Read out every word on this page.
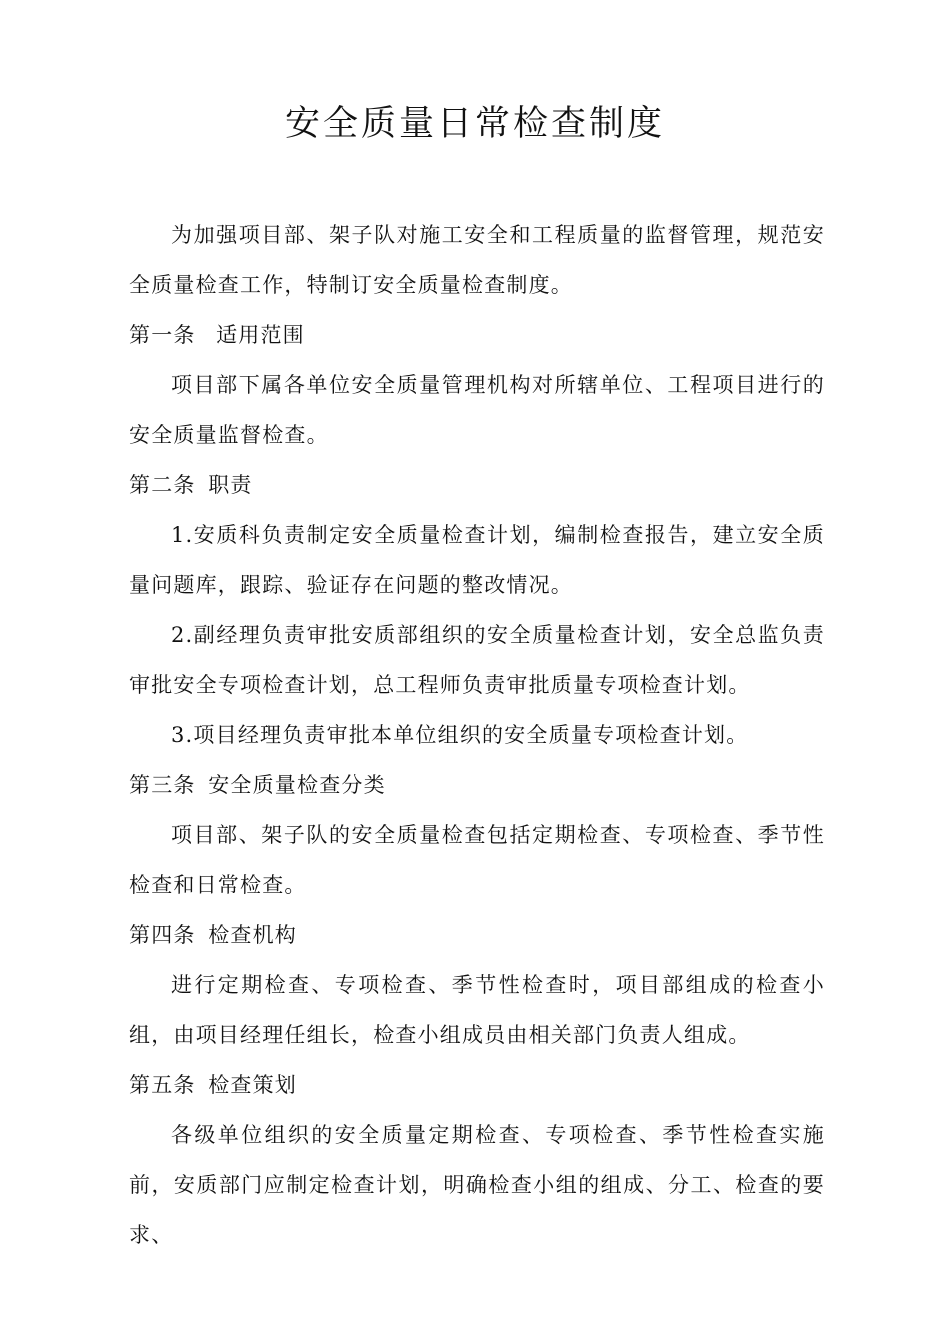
安全质量日常检查制度

为加强项目部、架子队对施工安全和工程质量的监督管理，规范安全质量检查工作，特制订安全质量检查制度。

第一条 适用范围

项目部下属各单位安全质量管理机构对所辖单位、工程项目进行的安全质量监督检查。

第二条 职责

1.安质科负责制定安全质量检查计划，编制检查报告，建立安全质量问题库，跟踪、验证存在问题的整改情况。

2.副经理负责审批安质部组织的安全质量检查计划，安全总监负责审批安全专项检查计划，总工程师负责审批质量专项检查计划。

3.项目经理负责审批本单位组织的安全质量专项检查计划。

第三条 安全质量检查分类

项目部、架子队的安全质量检查包括定期检查、专项检查、季节性检查和日常检查。

第四条 检查机构

进行定期检查、专项检查、季节性检查时，项目部组成的检查小组，由项目经理任组长，检查小组成员由相关部门负责人组成。

第五条 检查策划

各级单位组织的安全质量定期检查、专项检查、季节性检查实施前，安质部门应制定检查计划，明确检查小组的组成、分工、检查的要求、
